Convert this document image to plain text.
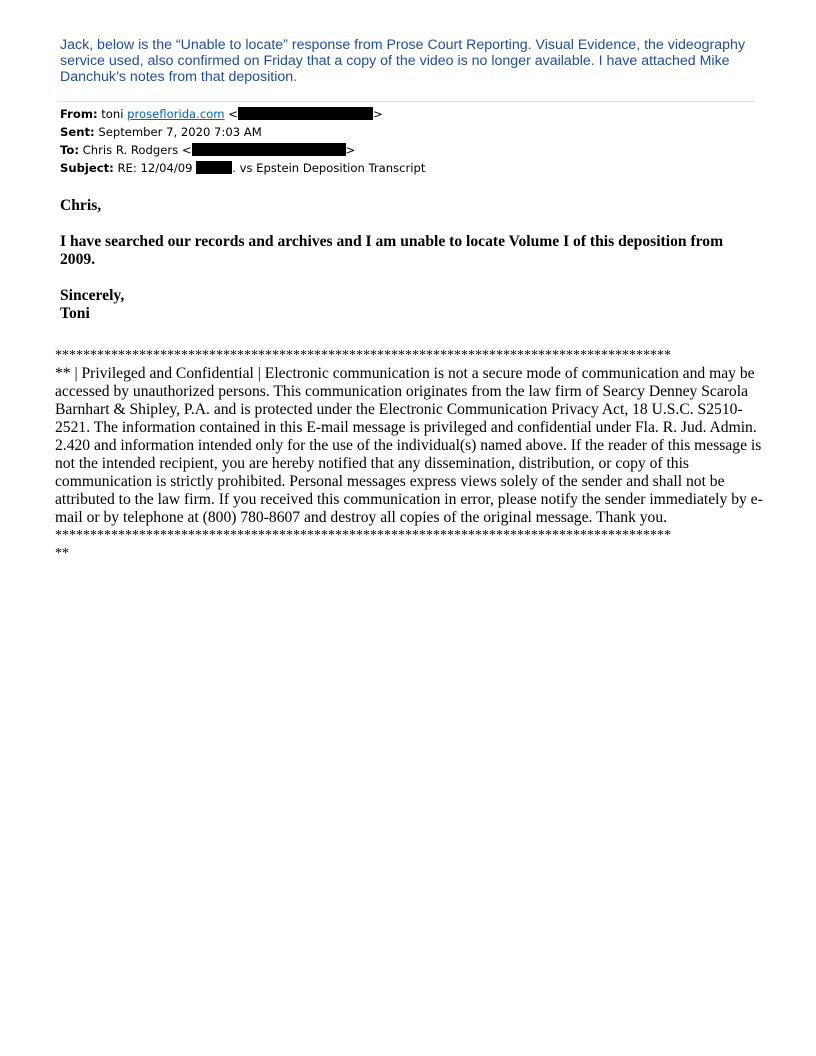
Jack, below is the “Unable to locate” response from Prose Court Reporting. Visual Evidence, the videography service used, also confirmed on Friday that a copy of the video is no longer available. I have attached Mike Danchuk’s notes from that deposition.
From: toni proseflorida.com <	>
Sent: September 7, 2020 7:03 AM
To: Chris R. Rodgers <	>
Subject: RE: 12/04/09	. vs Epstein Deposition Transcript

Chris,

I have searched our records and archives and I am unable to locate Volume I of this deposition from 2009.

Sincerely,

Toni

****************************************************************************************

** | Privileged and Confidential | Electronic communication is not a secure mode of communication and may be accessed by unauthorized persons. This communication originates from the law firm of Searcy Denney Scarola Barnhart & Shipley, P.A. and is protected under the Electronic Communication Privacy Act, 18 U.S.C. S2510-2521. The information contained in this E-mail message is privileged and confidential under Fla. R. Jud. Admin. 2.420 and information intended only for the use of the individual(s) named above. If the reader of this message is not the intended recipient, you are hereby notified that any dissemination, distribution, or copy of this communication is strictly prohibited. Personal messages express views solely of the sender and shall not be attributed to the law firm. If you received this communication in error, please notify the sender immediately by e-mail or by telephone at (800) 780-8607 and destroy all copies of the original message. Thank you.

****************************************************************************************
**
